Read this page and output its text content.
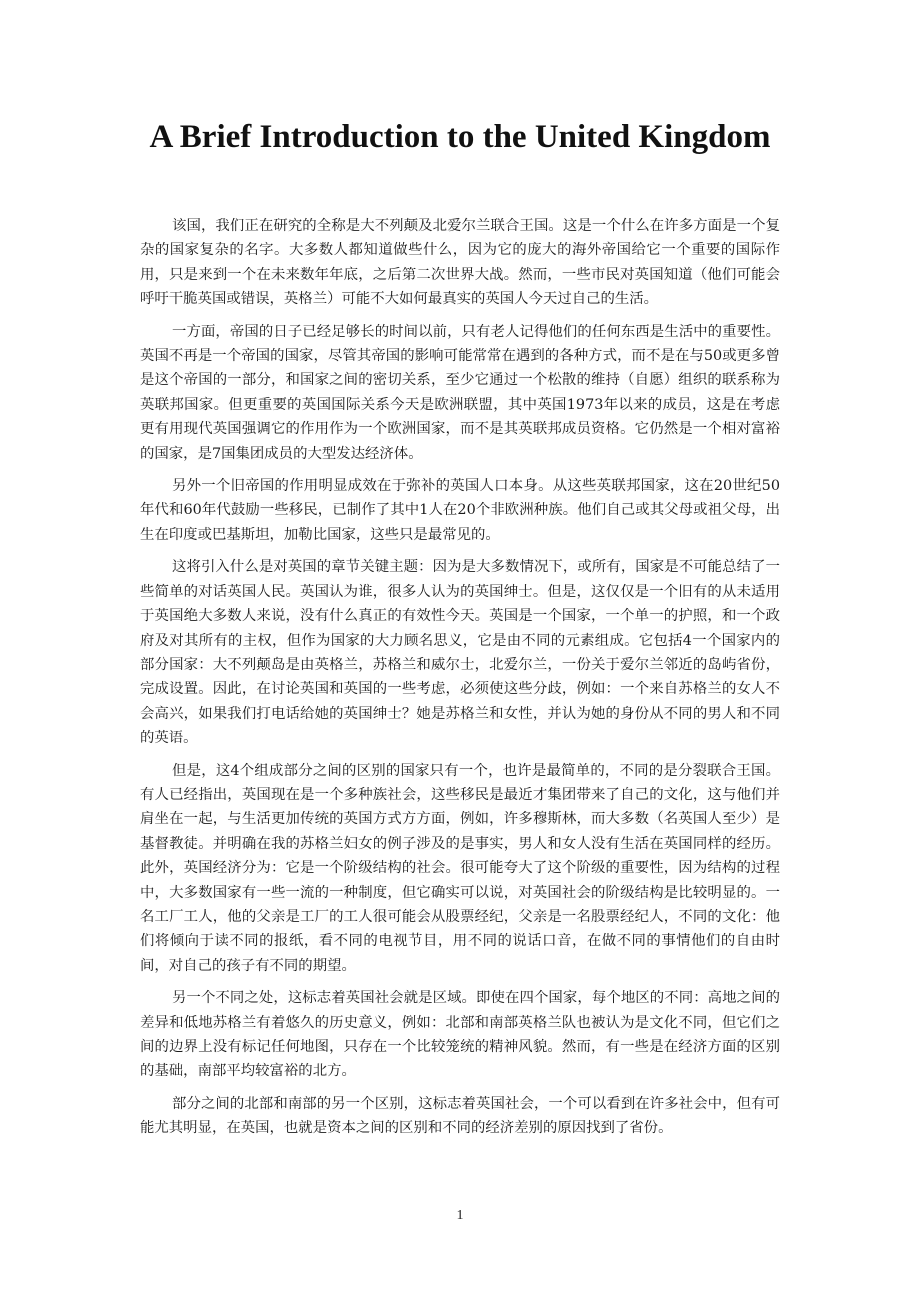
A Brief Introduction to the United Kingdom

该国，我们正在研究的全称是大不列颠及北爱尔兰联合王国。这是一个什么在许多方面是一个复杂的国家复杂的名字。大多数人都知道做些什么，因为它的庞大的海外帝国给它一个重要的国际作用，只是来到一个在未来数年年底，之后第二次世界大战。然而，一些市民对英国知道（他们可能会呼吁干脆英国或错误，英格兰）可能不大如何最真实的英国人今天过自己的生活。

一方面，帝国的日子已经足够长的时间以前，只有老人记得他们的任何东西是生活中的重要性。英国不再是一个帝国的国家，尽管其帝国的影响可能常常在遇到的各种方式，而不是在与50或更多曾是这个帝国的一部分，和国家之间的密切关系，至少它通过一个松散的维持（自愿）组织的联系称为英联邦国家。但更重要的英国国际关系今天是欧洲联盟，其中英国1973年以来的成员，这是在考虑更有用现代英国强调它的作用作为一个欧洲国家，而不是其英联邦成员资格。它仍然是一个相对富裕的国家，是7国集团成员的大型发达经济体。

另外一个旧帝国的作用明显成效在于弥补的英国人口本身。从这些英联邦国家，这在20世纪50年代和60年代鼓励一些移民，已制作了其中1人在20个非欧洲种族。他们自己或其父母或祖父母，出生在印度或巴基斯坦，加勒比国家，这些只是最常见的。

这将引入什么是对英国的章节关键主题：因为是大多数情况下，或所有，国家是不可能总结了一些简单的对话英国人民。英国认为谁，很多人认为的英国绅士。但是，这仅仅是一个旧有的从未适用于英国绝大多数人来说，没有什么真正的有效性今天。英国是一个国家，一个单一的护照，和一个政府及对其所有的主权，但作为国家的大力顾名思义，它是由不同的元素组成。它包括4一个国家内的部分国家：大不列颠岛是由英格兰，苏格兰和威尔士，北爱尔兰，一份关于爱尔兰邻近的岛屿省份，完成设置。因此，在讨论英国和英国的一些考虑，必须使这些分歧，例如：一个来自苏格兰的女人不会高兴，如果我们打电话给她的英国绅士？她是苏格兰和女性，并认为她的身份从不同的男人和不同的英语。

但是，这4个组成部分之间的区别的国家只有一个，也许是最简单的，不同的是分裂联合王国。有人已经指出，英国现在是一个多种族社会，这些移民是最近才集团带来了自己的文化，这与他们并肩坐在一起，与生活更加传统的英国方式方方面，例如，许多穆斯林，而大多数（名英国人至少）是基督教徒。并明确在我的苏格兰妇女的例子涉及的是事实，男人和女人没有生活在英国同样的经历。此外，英国经济分为：它是一个阶级结构的社会。很可能夸大了这个阶级的重要性，因为结构的过程中，大多数国家有一些一流的一种制度，但它确实可以说，对英国社会的阶级结构是比较明显的。一名工厂工人，他的父亲是工厂的工人很可能会从股票经纪，父亲是一名股票经纪人，不同的文化：他们将倾向于读不同的报纸，看不同的电视节目，用不同的说话口音，在做不同的事情他们的自由时间，对自己的孩子有不同的期望。

另一个不同之处，这标志着英国社会就是区域。即使在四个国家，每个地区的不同：高地之间的差异和低地苏格兰有着悠久的历史意义，例如：北部和南部英格兰队也被认为是文化不同，但它们之间的边界上没有标记任何地图，只存在一个比较笼统的精神风貌。然而，有一些是在经济方面的区别的基础，南部平均较富裕的北方。

部分之间的北部和南部的另一个区别，这标志着英国社会，一个可以看到在许多社会中，但有可能尤其明显，在英国，也就是资本之间的区别和不同的经济差别的原因找到了省份。

1
